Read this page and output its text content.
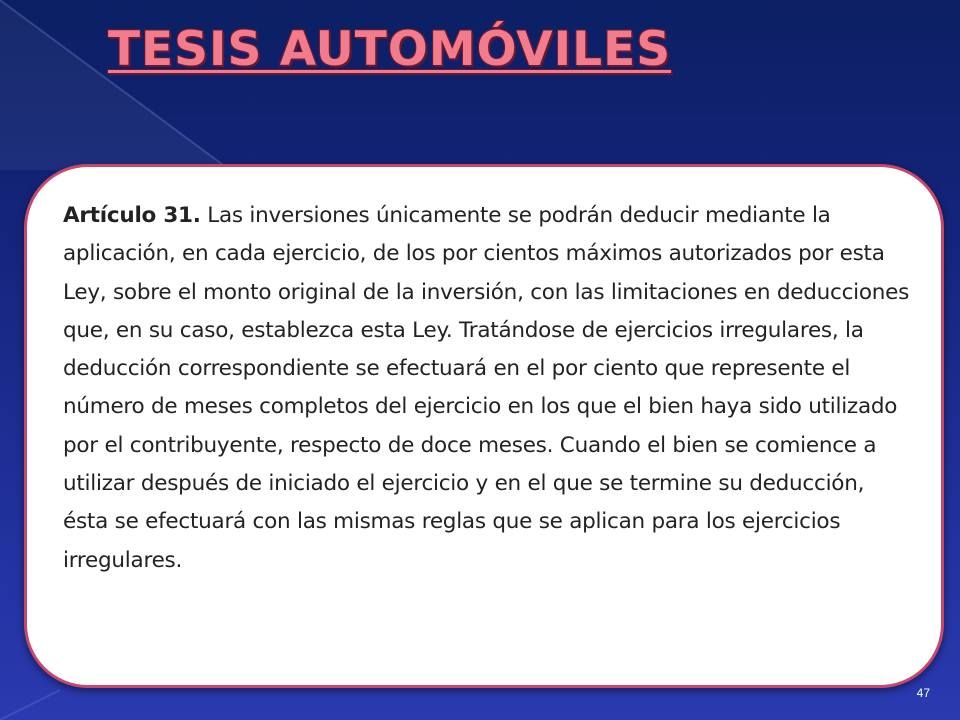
TESIS AUTOMÓVILES

Artículo 31. Las inversiones únicamente se podrán deducir mediante la aplicación, en cada ejercicio, de los por cientos máximos autorizados por esta Ley, sobre el monto original de la inversión, con las limitaciones en deducciones que, en su caso, establezca esta Ley. Tratándose de ejercicios irregulares, la deducción correspondiente se efectuará en el por ciento que represente el número de meses completos del ejercicio en los que el bien haya sido utilizado por el contribuyente, respecto de doce meses. Cuando el bien se comience a utilizar después de iniciado el ejercicio y en el que se termine su deducción, ésta se efectuará con las mismas reglas que se aplican para los ejercicios irregulares.

47
